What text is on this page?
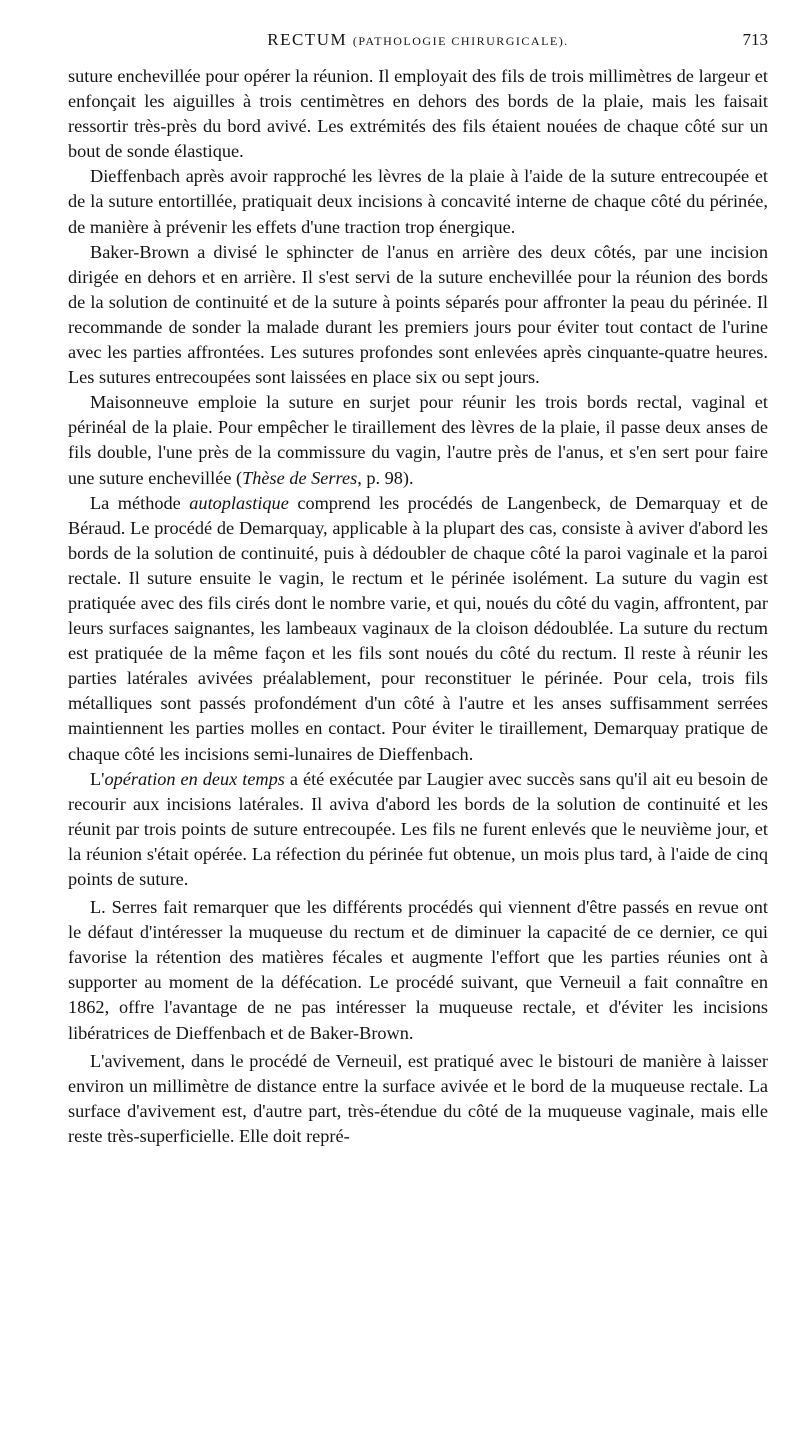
RECTUM (PATHOLOGIE CHIRURGICALE).	713

suture enchevillée pour opérer la réunion. Il employait des fils de trois millimètres de largeur et enfonçait les aiguilles à trois centimètres en dehors des bords de la plaie, mais les faisait ressortir très-près du bord avivé. Les extrémités des fils étaient nouées de chaque côté sur un bout de sonde élastique.

Dieffenbach après avoir rapproché les lèvres de la plaie à l'aide de la suture entrecoupée et de la suture entortillée, pratiquait deux incisions à concavité interne de chaque côté du périnée, de manière à prévenir les effets d'une traction trop énergique.

Baker-Brown a divisé le sphincter de l'anus en arrière des deux côtés, par une incision dirigée en dehors et en arrière. Il s'est servi de la suture enchevillée pour la réunion des bords de la solution de continuité et de la suture à points séparés pour affronter la peau du périnée. Il recommande de sonder la malade durant les premiers jours pour éviter tout contact de l'urine avec les parties affrontées. Les sutures profondes sont enlevées après cinquante-quatre heures. Les sutures entrecoupées sont laissées en place six ou sept jours.

Maisonneuve emploie la suture en surjet pour réunir les trois bords rectal, vaginal et périnéal de la plaie. Pour empêcher le tiraillement des lèvres de la plaie, il passe deux anses de fils double, l'une près de la commissure du vagin, l'autre près de l'anus, et s'en sert pour faire une suture enchevillée (Thèse de Serres, p. 98).

La méthode autoplastique comprend les procédés de Langenbeck, de Demarquay et de Béraud. Le procédé de Demarquay, applicable à la plupart des cas, consiste à aviver d'abord les bords de la solution de continuité, puis à dédoubler de chaque côté la paroi vaginale et la paroi rectale. Il suture ensuite le vagin, le rectum et le périnée isolément. La suture du vagin est pratiquée avec des fils cirés dont le nombre varie, et qui, noués du côté du vagin, affrontent, par leurs surfaces saignantes, les lambeaux vaginaux de la cloison dédoublée. La suture du rectum est pratiquée de la même façon et les fils sont noués du côté du rectum. Il reste à réunir les parties latérales avivées préalablement, pour reconstituer le périnée. Pour cela, trois fils métalliques sont passés profondément d'un côté à l'autre et les anses suffisamment serrées maintiennent les parties molles en contact. Pour éviter le tiraillement, Demarquay pratique de chaque côté les incisions semi-lunaires de Dieffenbach.

L'opération en deux temps a été exécutée par Laugier avec succès sans qu'il ait eu besoin de recourir aux incisions latérales. Il aviva d'abord les bords de la solution de continuité et les réunit par trois points de suture entrecoupée. Les fils ne furent enlevés que le neuvième jour, et la réunion s'était opérée. La réfection du périnée fut obtenue, un mois plus tard, à l'aide de cinq points de suture.

L. Serres fait remarquer que les différents procédés qui viennent d'être passés en revue ont le défaut d'intéresser la muqueuse du rectum et de diminuer la capacité de ce dernier, ce qui favorise la rétention des matières fécales et augmente l'effort que les parties réunies ont à supporter au moment de la défécation. Le procédé suivant, que Verneuil a fait connaître en 1862, offre l'avantage de ne pas intéresser la muqueuse rectale, et d'éviter les incisions libératrices de Dieffenbach et de Baker-Brown.

L'avivement, dans le procédé de Verneuil, est pratiqué avec le bistouri de manière à laisser environ un millimètre de distance entre la surface avivée et le bord de la muqueuse rectale. La surface d'avivement est, d'autre part, très-étendue du côté de la muqueuse vaginale, mais elle reste très-superficielle. Elle doit repré-
